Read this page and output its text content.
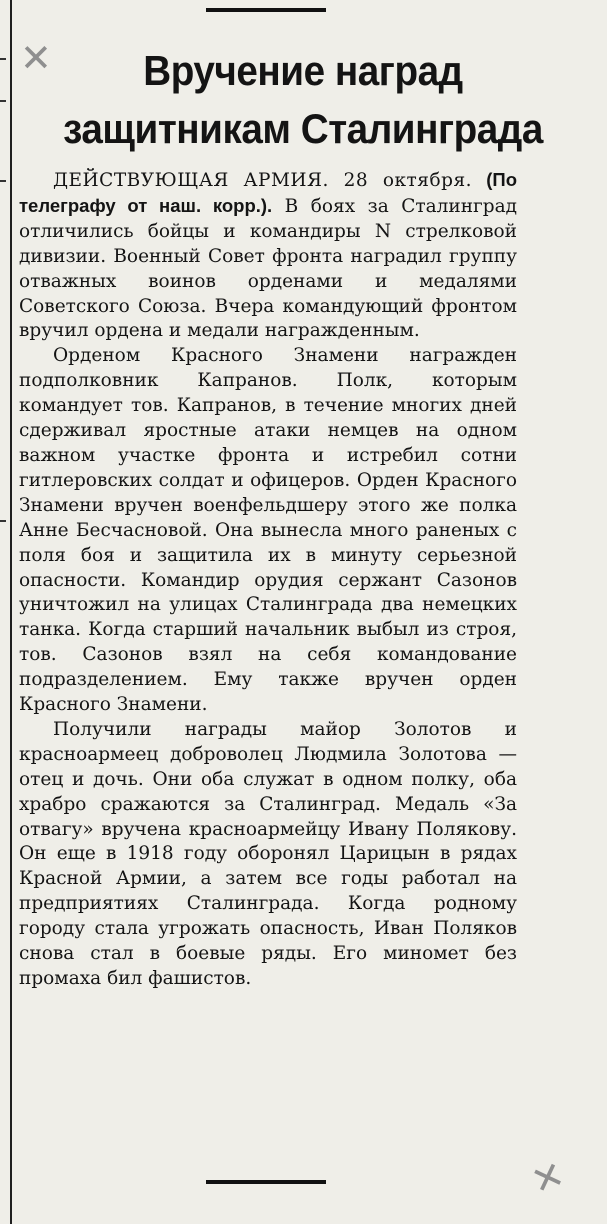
✕
✕
Вручение наград
защитникам Сталинграда

ДЕЙСТВУЮЩАЯ АРМИЯ. 28 октября. (По телеграфу от наш. корр.). В боях за Сталинград отличились бойцы и командиры N стрелковой дивизии. Военный Совет фронта наградил группу отважных воинов орденами и медалями Советского Союза. Вчера командующий фронтом вручил ордена и медали награжденным.

Орденом Красного Знамени награжден подполковник Капранов. Полк, которым командует тов. Капранов, в течение многих дней сдерживал яростные атаки немцев на одном важном участке фронта и истребил сотни гитлеровских солдат и офицеров. Орден Красного Знамени вручен военфельдшеру этого же полка Анне Бесчасновой. Она вынесла много раненых с поля боя и защитила их в минуту серьезной опасности. Командир орудия сержант Сазонов уничтожил на улицах Сталинграда два немецких танка. Когда старший начальник выбыл из строя, тов. Сазонов взял на себя командование подразделением. Ему также вручен орден Красного Знамени.

Получили награды майор Золотов и красноармеец доброволец Людмила Золотова — отец и дочь. Они оба служат в одном полку, оба храбро сражаются за Сталинград. Медаль «За отвагу» вручена красноармейцу Ивану Полякову. Он еще в 1918 году оборонял Царицын в рядах Красной Армии, а затем все годы работал на предприятиях Сталинграда. Когда родному городу стала угрожать опасность, Иван Поляков снова стал в боевые ряды. Его миномет без промаха бил фашистов.
